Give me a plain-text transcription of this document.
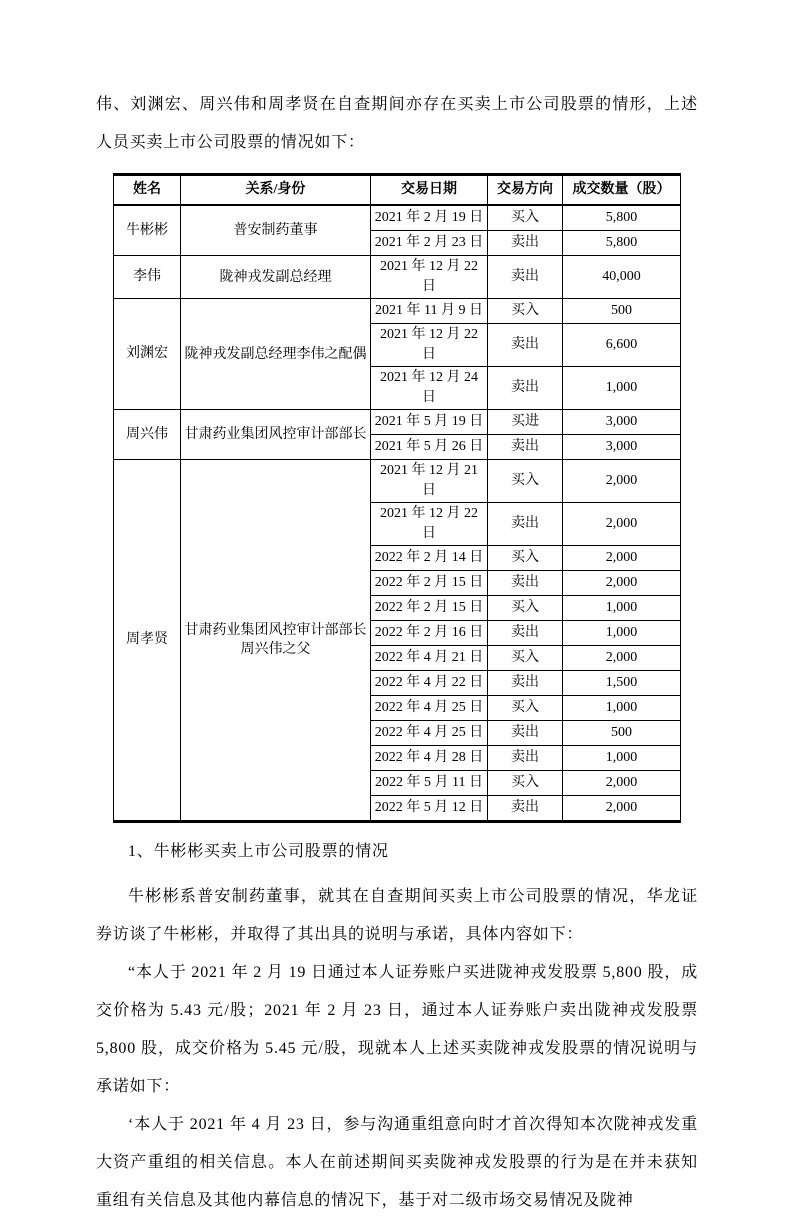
伟、刘渊宏、周兴伟和周孝贤在自查期间亦存在买卖上市公司股票的情形，上述人员买卖上市公司股票的情况如下：

姓名	关系/身份	交易日期	交易方向	成交数量（股）
牛彬彬	普安制药董事	2021 年 2 月 19 日	买入	5,800
		2021 年 2 月 23 日	卖出	5,800
李伟	陇神戎发副总经理	2021 年 12 月 22 日	卖出	40,000
刘渊宏	陇神戎发副总经理李伟之配偶	2021 年 11 月 9 日	买入	500
		2021 年 12 月 22 日	卖出	6,600
		2021 年 12 月 24 日	卖出	1,000
周兴伟	甘肃药业集团风控审计部部长	2021 年 5 月 19 日	买进	3,000
		2021 年 5 月 26 日	卖出	3,000
周孝贤	甘肃药业集团风控审计部部长周兴伟之父	2021 年 12 月 21 日	买入	2,000
		2021 年 12 月 22 日	卖出	2,000
		2022 年 2 月 14 日	买入	2,000
		2022 年 2 月 15 日	卖出	2,000
		2022 年 2 月 15 日	买入	1,000
		2022 年 2 月 16 日	卖出	1,000
		2022 年 4 月 21 日	买入	2,000
		2022 年 4 月 22 日	卖出	1,500
		2022 年 4 月 25 日	买入	1,000
		2022 年 4 月 25 日	卖出	500
		2022 年 4 月 28 日	卖出	1,000
		2022 年 5 月 11 日	买入	2,000
		2022 年 5 月 12 日	卖出	2,000

1、牛彬彬买卖上市公司股票的情况

牛彬彬系普安制药董事，就其在自查期间买卖上市公司股票的情况，华龙证券访谈了牛彬彬，并取得了其出具的说明与承诺，具体内容如下：

“本人于 2021 年 2 月 19 日通过本人证券账户买进陇神戎发股票 5,800 股，成交价格为 5.43 元/股；2021 年 2 月 23 日，通过本人证券账户卖出陇神戎发股票 5,800 股，成交价格为 5.45 元/股，现就本人上述买卖陇神戎发股票的情况说明与承诺如下：

‘本人于 2021 年 4 月 23 日，参与沟通重组意向时才首次得知本次陇神戎发重大资产重组的相关信息。本人在前述期间买卖陇神戎发股票的行为是在并未获知重组有关信息及其他内幕信息的情况下，基于对二级市场交易情况及陇神
